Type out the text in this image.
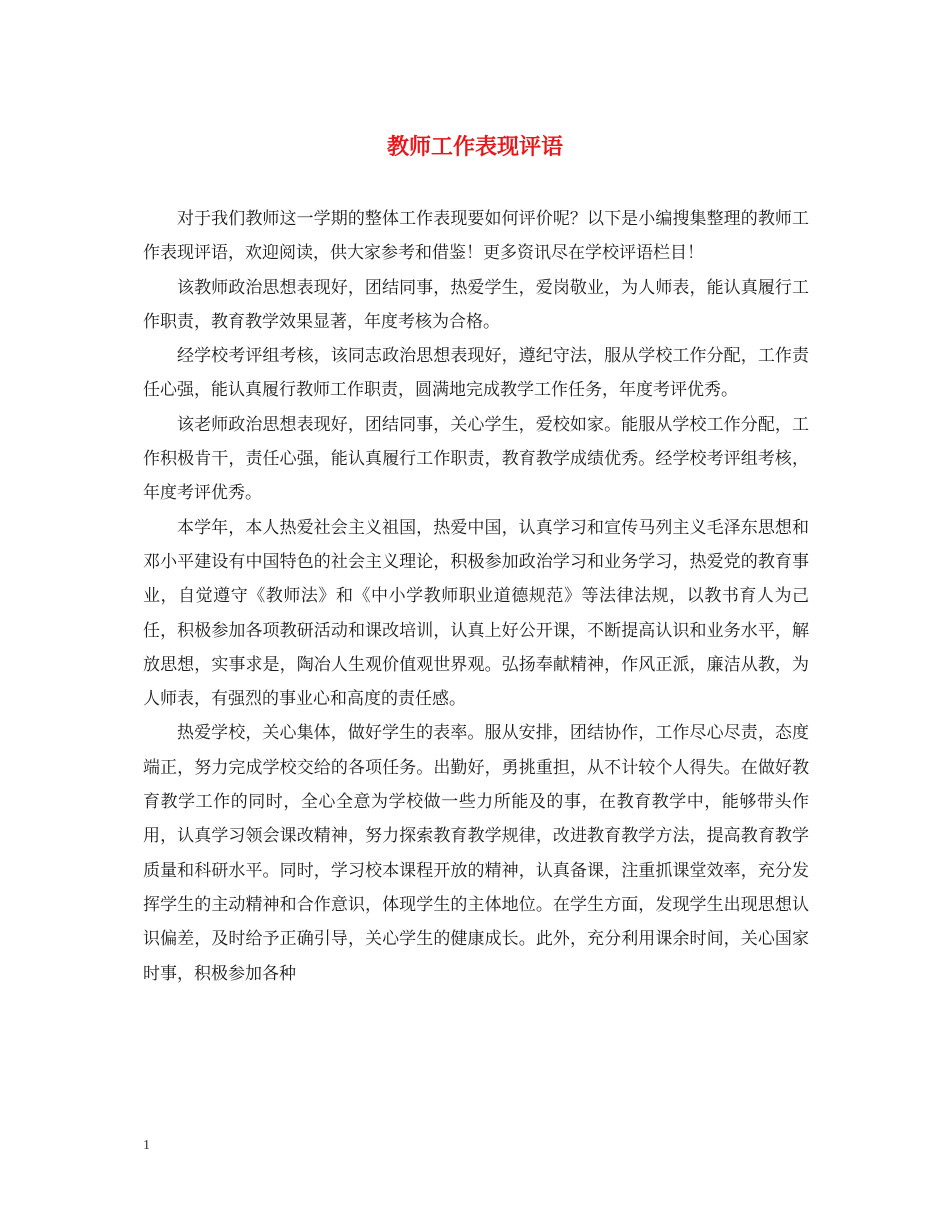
教师工作表现评语

对于我们教师这一学期的整体工作表现要如何评价呢？以下是小编搜集整理的教师工作表现评语，欢迎阅读，供大家参考和借鉴！更多资讯尽在学校评语栏目！

该教师政治思想表现好，团结同事，热爱学生，爱岗敬业，为人师表，能认真履行工作职责，教育教学效果显著，年度考核为合格。

经学校考评组考核，该同志政治思想表现好，遵纪守法，服从学校工作分配，工作责任心强，能认真履行教师工作职责，圆满地完成教学工作任务，年度考评优秀。

该老师政治思想表现好，团结同事，关心学生，爱校如家。能服从学校工作分配，工作积极肯干，责任心强，能认真履行工作职责，教育教学成绩优秀。经学校考评组考核，年度考评优秀。

本学年，本人热爱社会主义祖国，热爱中国，认真学习和宣传马列主义毛泽东思想和邓小平建设有中国特色的社会主义理论，积极参加政治学习和业务学习，热爱党的教育事业，自觉遵守《教师法》和《中小学教师职业道德规范》等法律法规，以教书育人为己任，积极参加各项教研活动和课改培训，认真上好公开课，不断提高认识和业务水平，解放思想，实事求是，陶冶人生观价值观世界观。弘扬奉献精神，作风正派，廉洁从教，为人师表，有强烈的事业心和高度的责任感。

热爱学校，关心集体，做好学生的表率。服从安排，团结协作，工作尽心尽责，态度端正，努力完成学校交给的各项任务。出勤好，勇挑重担，从不计较个人得失。在做好教育教学工作的同时，全心全意为学校做一些力所能及的事，在教育教学中，能够带头作用，认真学习领会课改精神，努力探索教育教学规律，改进教育教学方法，提高教育教学质量和科研水平。同时，学习校本课程开放的精神，认真备课，注重抓课堂效率，充分发挥学生的主动精神和合作意识，体现学生的主体地位。在学生方面，发现学生出现思想认识偏差，及时给予正确引导，关心学生的健康成长。此外，充分利用课余时间，关心国家时事，积极参加各种

1
